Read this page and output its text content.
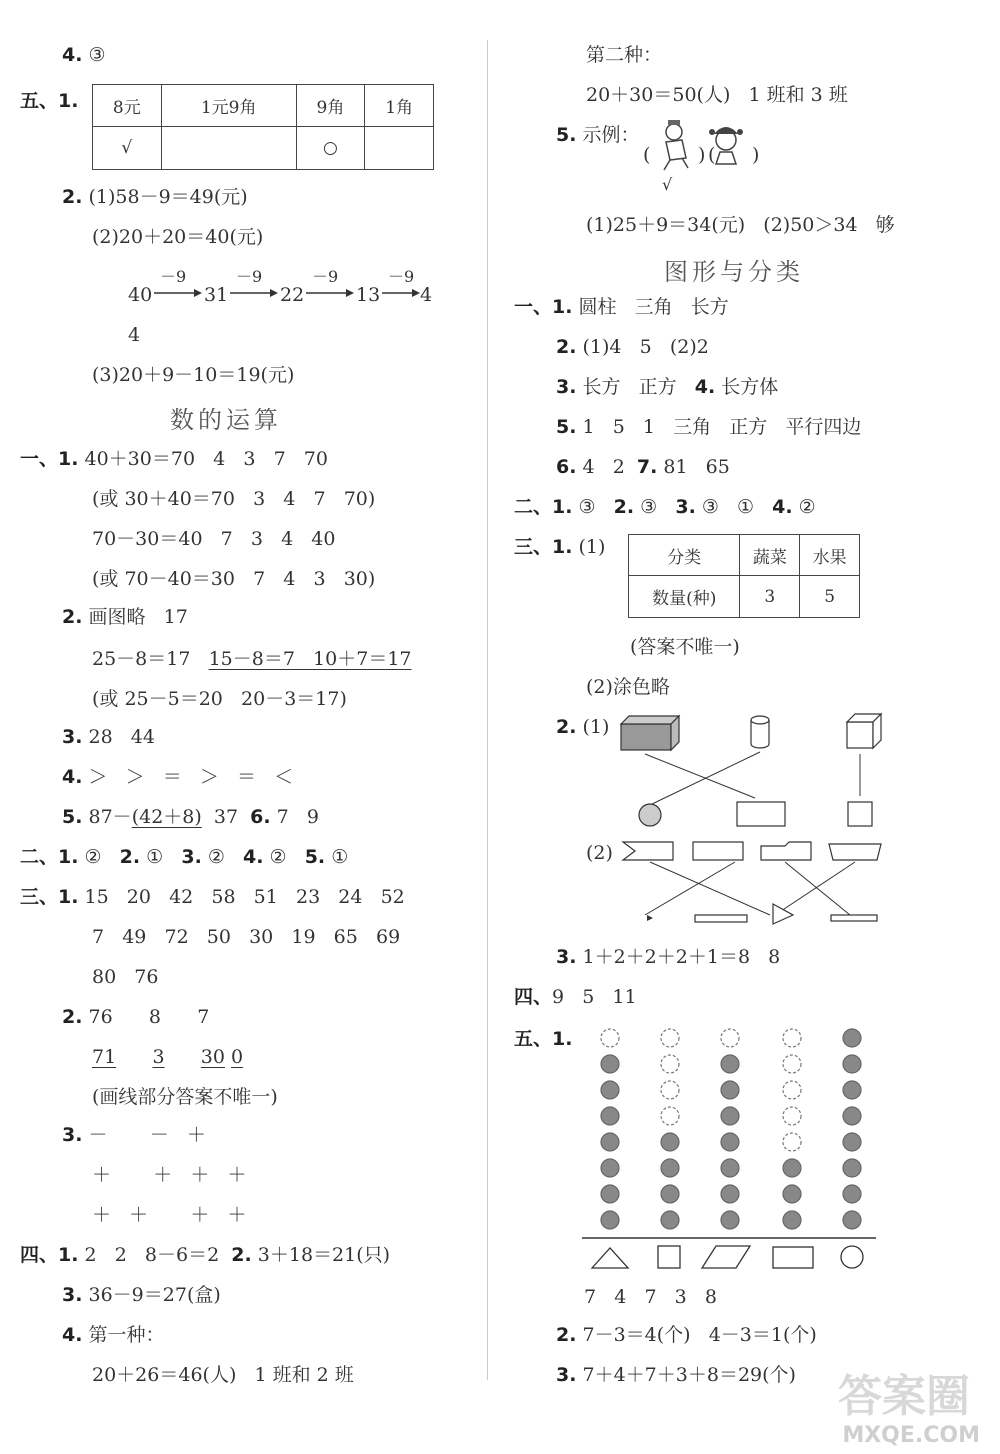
4. ③
五、1. 8元	1元9角	9角	1角
√		○	
2. (1)58－9＝49(元)
(2)20＋20＝40(元)
40
－9	－9	－9	－9
31	22	13 4
4
(3)20＋9－10＝19(元)
数的运算
一、1. 40＋30＝70   4   3   7   70
(或 30＋40＝70   3   4   7   70)
70－30＝40   7   3   4   40
(或 70－40＝30   7   4   3   30)
2. 画图略   17
25－8＝17 15－8＝7   10＋7＝17
(或 25－5＝20   20－3＝17)
3. 28   44
4. ＞   ＞   ＝   ＞   ＝   ＜
5. 87－(42＋8)  37 6. 7   9
二、1. ② 2. ① 3. ② 4. ② 5. ①
三、1. 15   20   42   58   51   23   24   52
7   49   72   50   30   19   65   69
80   76
2. 76      8      7
71 3 30 0
(画线部分答案不唯一)
3. －       －   ＋
＋       ＋   ＋   ＋
＋   ＋       ＋   ＋
四、1. 2   2   8－6＝2 2. 3＋18＝21(只)
3. 36－9＝27(盒)
4. 第一种：
20＋26＝46(人)   1 班和 2 班
第二种：
20＋30＝50(人)   1 班和 3 班
5. 示例：
(	) ( )
√
(1)25＋9＝34(元)   (2)50＞34   够
图形与分类
一、1. 圆柱   三角   长方
2. (1)4   5   (2)2
3. 长方   正方 4. 长方体
5. 1   5   1   三角   正方   平行四边
6. 4   2 7. 81   65
二、1. ③ 2. ③ 3. ③   ① 4. ②
三、1. (1)	分类	蔬菜	水果
数量(种)	3	5
(答案不唯一)
(2)涂色略
2. (1)
(2)
3. 1＋2＋2＋2＋1＝8   8
四、9   5   11
五、1.
7 4 7 3 8
2. 7－3＝4(个)   4－3＝1(个)
3. 7＋4＋7＋3＋8＝29(个) 答案圈
MXQE.COM
